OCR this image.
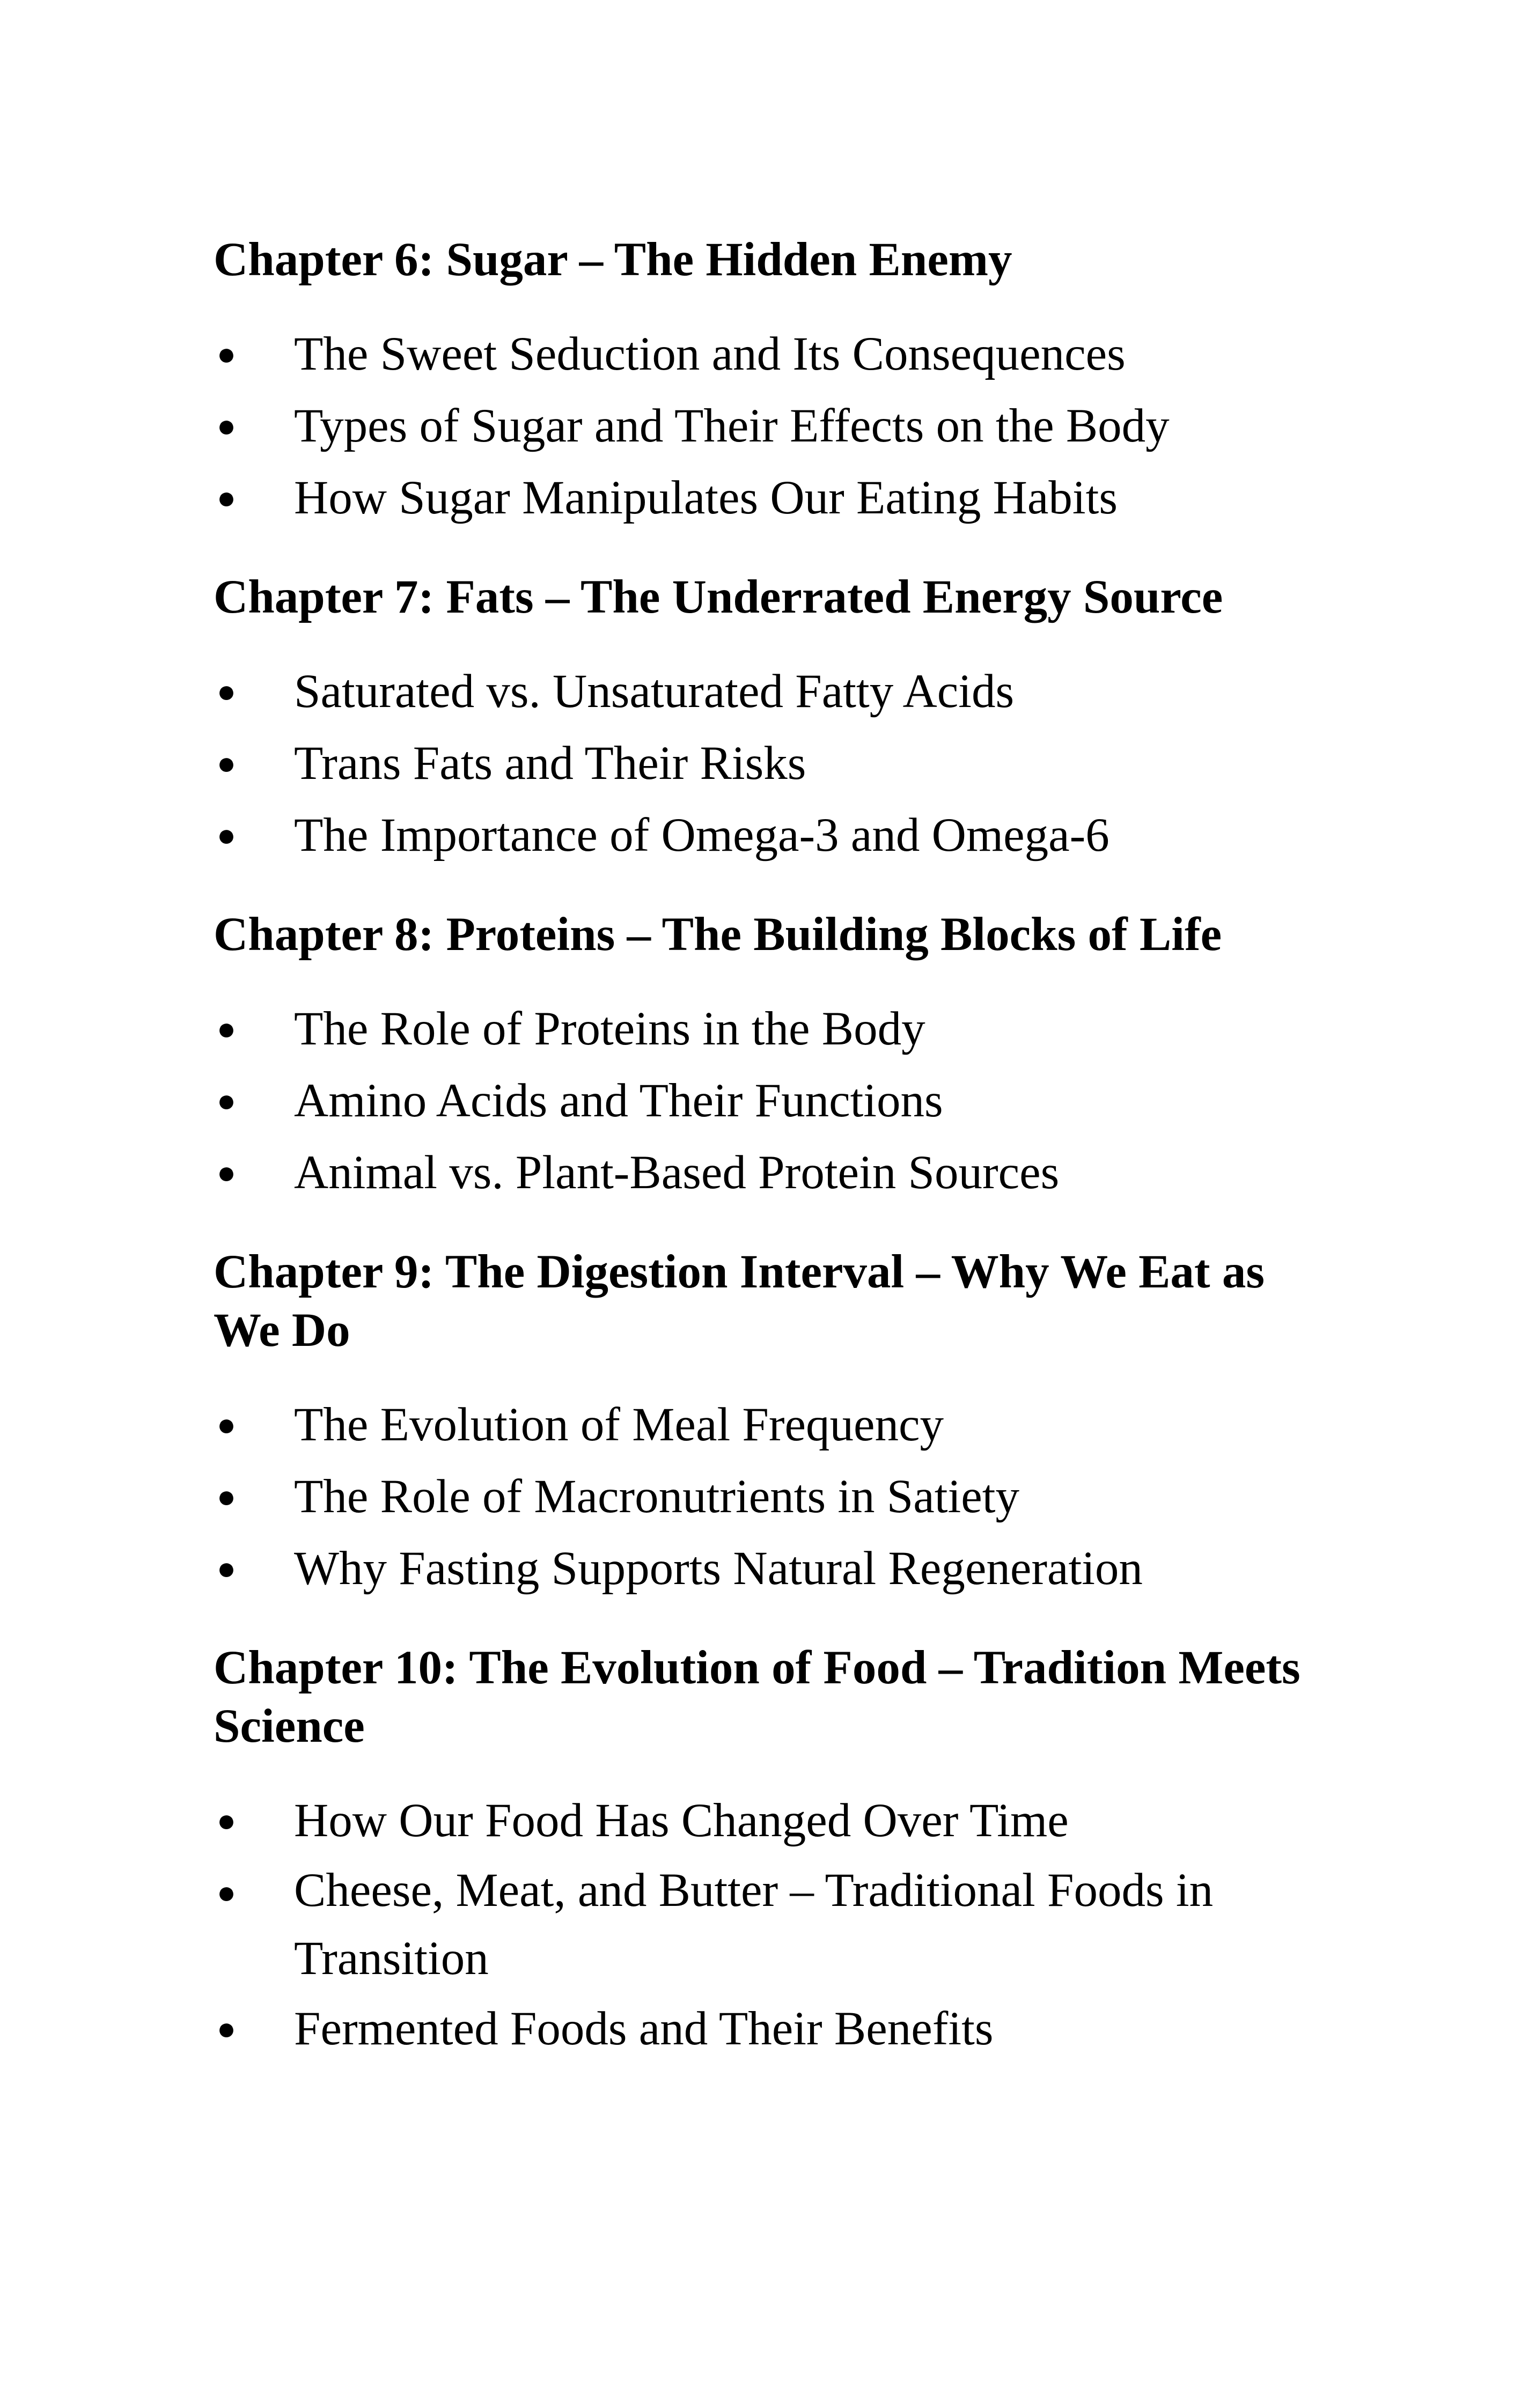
Chapter 6: Sugar – The Hidden Enemy
● The Sweet Seduction and Its Consequences
● Types of Sugar and Their Effects on the Body
● How Sugar Manipulates Our Eating Habits
Chapter 7: Fats – The Underrated Energy Source
● Saturated vs. Unsaturated Fatty Acids
● Trans Fats and Their Risks
● The Importance of Omega-3 and Omega-6
Chapter 8: Proteins – The Building Blocks of Life
● The Role of Proteins in the Body
● Amino Acids and Their Functions
● Animal vs. Plant-Based Protein Sources
Chapter 9: The Digestion Interval – Why We Eat as We Do
● The Evolution of Meal Frequency
● The Role of Macronutrients in Satiety
● Why Fasting Supports Natural Regeneration
Chapter 10: The Evolution of Food – Tradition Meets Science
● How Our Food Has Changed Over Time
● Cheese, Meat, and Butter – Traditional Foods in Transition
● Fermented Foods and Their Benefits
